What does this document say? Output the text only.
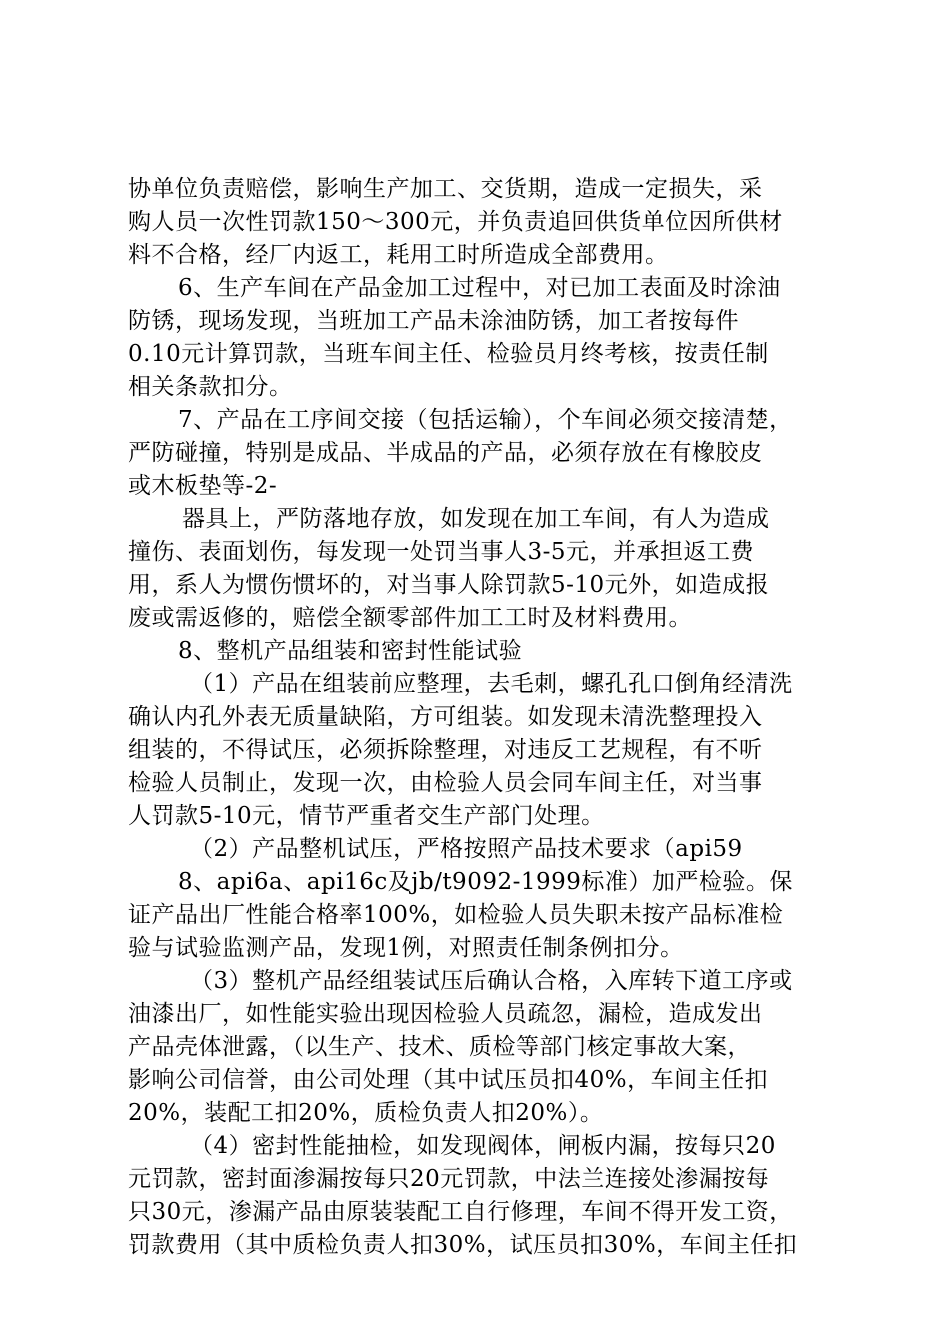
协单位负责赔偿，影响生产加工、交货期，造成一定损失，采
购人员一次性罚款150～300元，并负责追回供货单位因所供材
料不合格，经厂内返工，耗用工时所造成全部费用。
6、生产车间在产品金加工过程中，对已加工表面及时涂油
防锈，现场发现，当班加工产品未涂油防锈，加工者按每件
0.10元计算罚款，当班车间主任、检验员月终考核，按责任制
相关条款扣分。
7、产品在工序间交接（包括运输），个车间必须交接清楚，
严防碰撞，特别是成品、半成品的产品，必须存放在有橡胶皮
或木板垫等-2-
器具上，严防落地存放，如发现在加工车间，有人为造成
撞伤、表面划伤，每发现一处罚当事人3-5元，并承担返工费
用，系人为惯伤惯坏的，对当事人除罚款5-10元外，如造成报
废或需返修的，赔偿全额零部件加工工时及材料费用。
8、整机产品组装和密封性能试验
（1）产品在组装前应整理，去毛刺，螺孔孔口倒角经清洗
确认内孔外表无质量缺陷，方可组装。如发现未清洗整理投入
组装的，不得试压，必须拆除整理，对违反工艺规程，有不听
检验人员制止，发现一次，由检验人员会同车间主任，对当事
人罚款5-10元，情节严重者交生产部门处理。
（2）产品整机试压，严格按照产品技术要求（api59
8、api6a、api16c及jb/t9092-1999标准）加严检验。保
证产品出厂性能合格率100%，如检验人员失职未按产品标准检
验与试验监测产品，发现1例，对照责任制条例扣分。
（3）整机产品经组装试压后确认合格，入库转下道工序或
油漆出厂，如性能实验出现因检验人员疏忽，漏检，造成发出
产品壳体泄露，（以生产、技术、质检等部门核定事故大案，
影响公司信誉，由公司处理（其中试压员扣40%，车间主任扣
20%，装配工扣20%，质检负责人扣20%）。
（4）密封性能抽检，如发现阀体，闸板内漏，按每只20
元罚款，密封面渗漏按每只20元罚款，中法兰连接处渗漏按每
只30元，渗漏产品由原装装配工自行修理，车间不得开发工资，
罚款费用（其中质检负责人扣30%，试压员扣30%，车间主任扣
